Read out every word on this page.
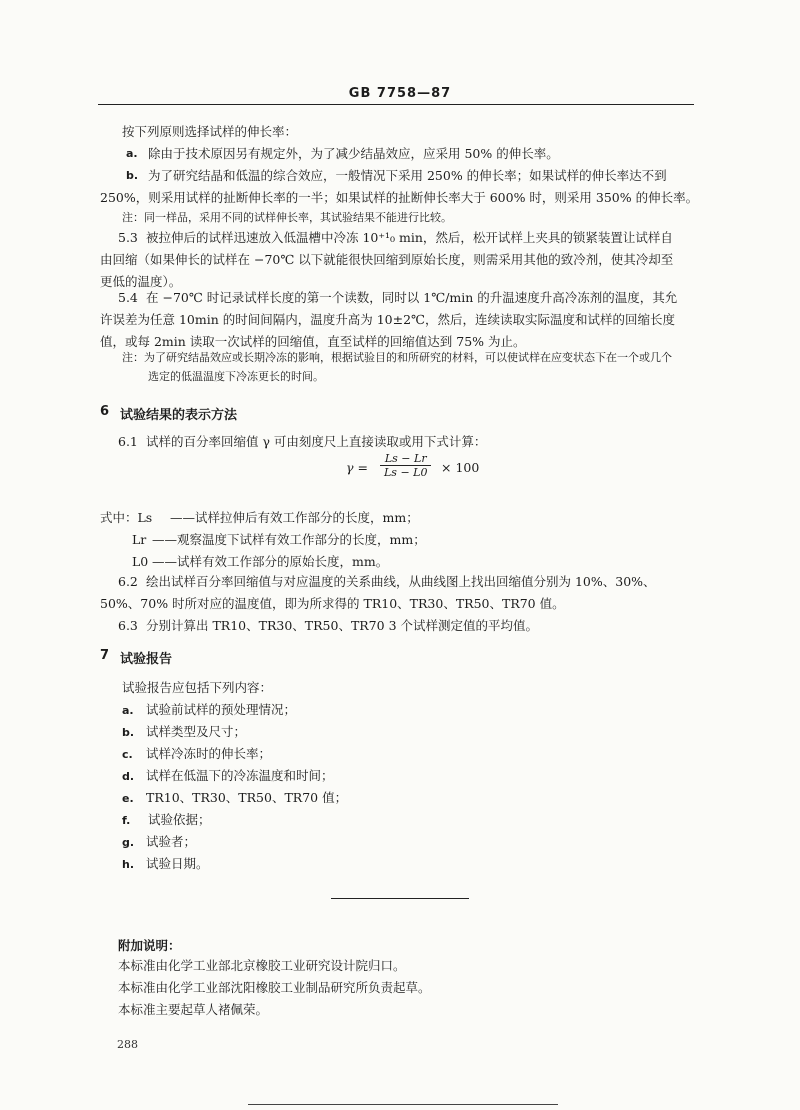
GB 7758—87
按下列原则选择试样的伸长率：
a. 除由于技术原因另有规定外，为了减少结晶效应，应采用 50% 的伸长率。
b. 为了研究结晶和低温的综合效应，一般情况下采用 250% 的伸长率；如果试样的伸长率达不到
250%，则采用试样的扯断伸长率的一半；如果试样的扯断伸长率大于 600% 时，则采用 350% 的伸长率。
注：同一样品，采用不同的试样伸长率，其试验结果不能进行比较。
5.3 被拉伸后的试样迅速放入低温槽中冷冻 10⁺¹₀ min，然后，松开试样上夹具的锁紧装置让试样自
由回缩（如果伸长的试样在 −70℃ 以下就能很快回缩到原始长度，则需采用其他的致冷剂，使其冷却至
更低的温度）。
5.4 在 −70℃ 时记录试样长度的第一个读数，同时以 1℃/min 的升温速度升高冷冻剂的温度，其允
许误差为任意 10min 的时间间隔内，温度升高为 10±2℃，然后，连续读取实际温度和试样的回缩长度
值，或每 2min 读取一次试样的回缩值，直至试样的回缩值达到 75% 为止。
注：为了研究结晶效应或长期冷冻的影响，根据试验目的和所研究的材料，可以使试样在应变状态下在一个或几个
选定的低温温度下冷冻更长的时间。
6 试验结果的表示方法
6.1 试样的百分率回缩值 γ 可由刻度尺上直接读取或用下式计算：
$\gamma = \frac{Ls - Lr}{Ls - L0} \times 100$
式中：Ls ——试样拉伸后有效工作部分的长度，mm；
Lr ——观察温度下试样有效工作部分的长度，mm；
L0 ——试样有效工作部分的原始长度，mm。
6.2 绘出试样百分率回缩值与对应温度的关系曲线，从曲线图上找出回缩值分别为 10%、30%、
50%、70% 时所对应的温度值，即为所求得的 TR10、TR30、TR50、TR70 值。
6.3 分别计算出 TR10、TR30、TR50、TR70 3 个试样测定值的平均值。
7 试验报告
试验报告应包括下列内容：
a. 试验前试样的预处理情况；
b. 试样类型及尺寸；
c. 试样冷冻时的伸长率；
d. 试样在低温下的冷冻温度和时间；
e. TR10、TR30、TR50、TR70 值；
f. 试验依据；
g. 试验者；
h. 试验日期。
附加说明：
本标准由化学工业部北京橡胶工业研究设计院归口。
本标准由化学工业部沈阳橡胶工业制品研究所负责起草。
本标准主要起草人褚佩荣。
288
